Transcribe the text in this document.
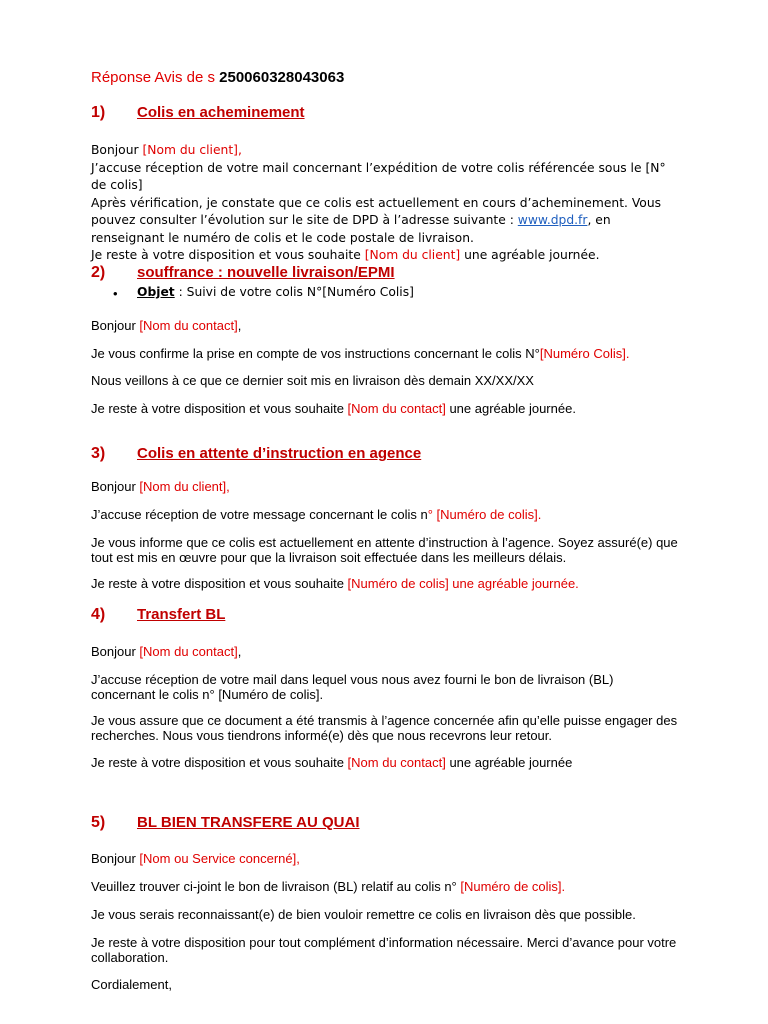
Réponse Avis de s 250060328043063
1) Colis en acheminement
Bonjour [Nom du client],
J’accuse réception de votre mail concernant l’expédition de votre colis référencée sous le [N° de colis]
Après vérification, je constate que ce colis est actuellement en cours d’acheminement. Vous pouvez consulter l’évolution sur le site de DPD à l’adresse suivante : www.dpd.fr, en renseignant le numéro de colis et le code postale de livraison.
Je reste à votre disposition et vous souhaite [Nom du client] une agréable journée.
2) souffrance : nouvelle livraison/EPMI
• Objet : Suivi de votre colis N°[Numéro Colis]
Bonjour [Nom du contact],
Je vous confirme la prise en compte de vos instructions concernant le colis N°[Numéro Colis].
Nous veillons à ce que ce dernier soit mis en livraison dès demain XX/XX/XX
Je reste à votre disposition et vous souhaite [Nom du contact] une agréable journée.
3) Colis en attente d’instruction en agence
Bonjour [Nom du client],
J’accuse réception de votre message concernant le colis n° [Numéro de colis].
Je vous informe que ce colis est actuellement en attente d’instruction à l’agence. Soyez assuré(e) que tout est mis en œuvre pour que la livraison soit effectuée dans les meilleurs délais.
Je reste à votre disposition et vous souhaite [Numéro de colis] une agréable journée.
4) Transfert BL
Bonjour [Nom du contact],
J’accuse réception de votre mail dans lequel vous nous avez fourni le bon de livraison (BL) concernant le colis n° [Numéro de colis].
Je vous assure que ce document a été transmis à l’agence concernée afin qu’elle puisse engager des recherches. Nous vous tiendrons informé(e) dès que nous recevrons leur retour.
Je reste à votre disposition et vous souhaite [Nom du contact] une agréable journée
5) BL BIEN TRANSFERE AU QUAI
Bonjour [Nom ou Service concerné],
Veuillez trouver ci-joint le bon de livraison (BL) relatif au colis n° [Numéro de colis].
Je vous serais reconnaissant(e) de bien vouloir remettre ce colis en livraison dès que possible.
Je reste à votre disposition pour tout complément d’information nécessaire. Merci d’avance pour votre collaboration.
Cordialement,
